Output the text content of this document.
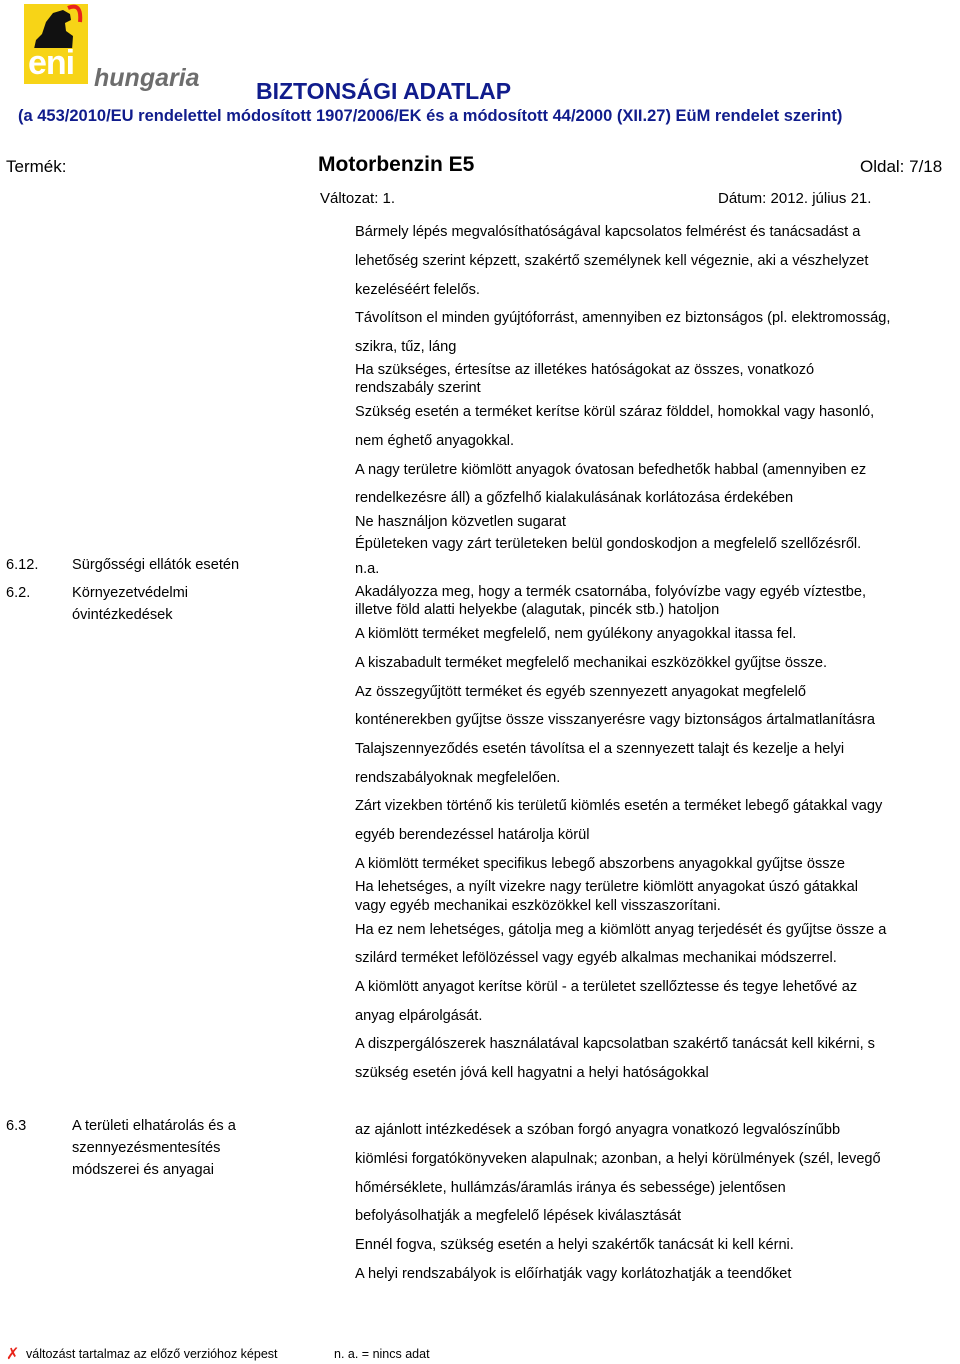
eni hungaria BIZTONSÁGI ADATLAP
(a 453/2010/EU rendelettel módosított 1907/2006/EK és a módosított 44/2000 (XII.27) EüM rendelet szerint)
Termék:	Motorbenzin E5	Oldal: 7/18
Változat: 1.	Dátum: 2012. július 21.
Bármely lépés megvalósíthatóságával kapcsolatos felmérést és tanácsadást a
lehetőség szerint képzett, szakértő személynek kell végeznie, aki a vészhelyzet
kezeléséért felelős.
Távolítson el minden gyújtóforrást, amennyiben ez biztonságos (pl. elektromosság,
szikra, tűz, láng
Ha szükséges, értesítse az illetékes hatóságokat az összes, vonatkozó
rendszabály szerint
Szükség esetén a terméket kerítse körül száraz földdel, homokkal vagy hasonló,
nem éghető anyagokkal.
A nagy területre kiömlött anyagok óvatosan befedhetők habbal (amennyiben ez
rendelkezésre áll) a gőzfelhő kialakulásának korlátozása érdekében
Ne használjon közvetlen sugarat
Épületeken vagy zárt területeken belül gondoskodjon a megfelelő szellőzésről.
6.12. Sürgősségi ellátók esetén	n.a.
6.2.	Környezetvédelmi
óvintézkedések
Akadályozza meg, hogy a termék csatornába, folyóvízbe vagy egyéb víztestbe,
illetve föld alatti helyekbe (alagutak, pincék stb.) hatoljon
A kiömlött terméket megfelelő, nem gyúlékony anyagokkal itassa fel.
A kiszabadult terméket megfelelő mechanikai eszközökkel gyűjtse össze.
Az összegyűjtött terméket és egyéb szennyezett anyagokat megfelelő
konténerekben gyűjtse össze visszanyerésre vagy biztonságos ártalmatlanításra
Talajszennyeződés esetén távolítsa el a szennyezett talajt és kezelje a helyi
rendszabályoknak megfelelően.
Zárt vizekben történő kis területű kiömlés esetén a terméket lebegő gátakkal vagy
egyéb berendezéssel határolja körül
A kiömlött terméket specifikus lebegő abszorbens anyagokkal gyűjtse össze
Ha lehetséges, a nyílt vizekre nagy területre kiömlött anyagokat úszó gátakkal
vagy egyéb mechanikai eszközökkel kell visszaszorítani.
Ha ez nem lehetséges, gátolja meg a kiömlött anyag terjedését és gyűjtse össze a
szilárd terméket lefölözéssel vagy egyéb alkalmas mechanikai módszerrel.
A kiömlött anyagot kerítse körül - a területet szellőztesse és tegye lehetővé az
anyag elpárolgását.
A diszpergálószerek használatával kapcsolatban szakértő tanácsát kell kikérni, s
szükség esetén jóvá kell hagyatni a helyi hatóságokkal
6.3	A területi elhatárolás és a
szennyezésmentesítés
módszerei és anyagai
az ajánlott intézkedések a szóban forgó anyagra vonatkozó legvalószínűbb
kiömlési forgatókönyveken alapulnak; azonban, a helyi körülmények (szél, levegő
hőmérséklete, hullámzás/áramlás iránya és sebessége) jelentősen
befolyásolhatják a megfelelő lépések kiválasztását
Ennél fogva, szükség esetén a helyi szakértők tanácsát ki kell kérni.
A helyi rendszabályok is előírhatják vagy korlátozhatják a teendőket
✗ változást tartalmaz az előző verzióhoz képest	n. a. = nincs adat
